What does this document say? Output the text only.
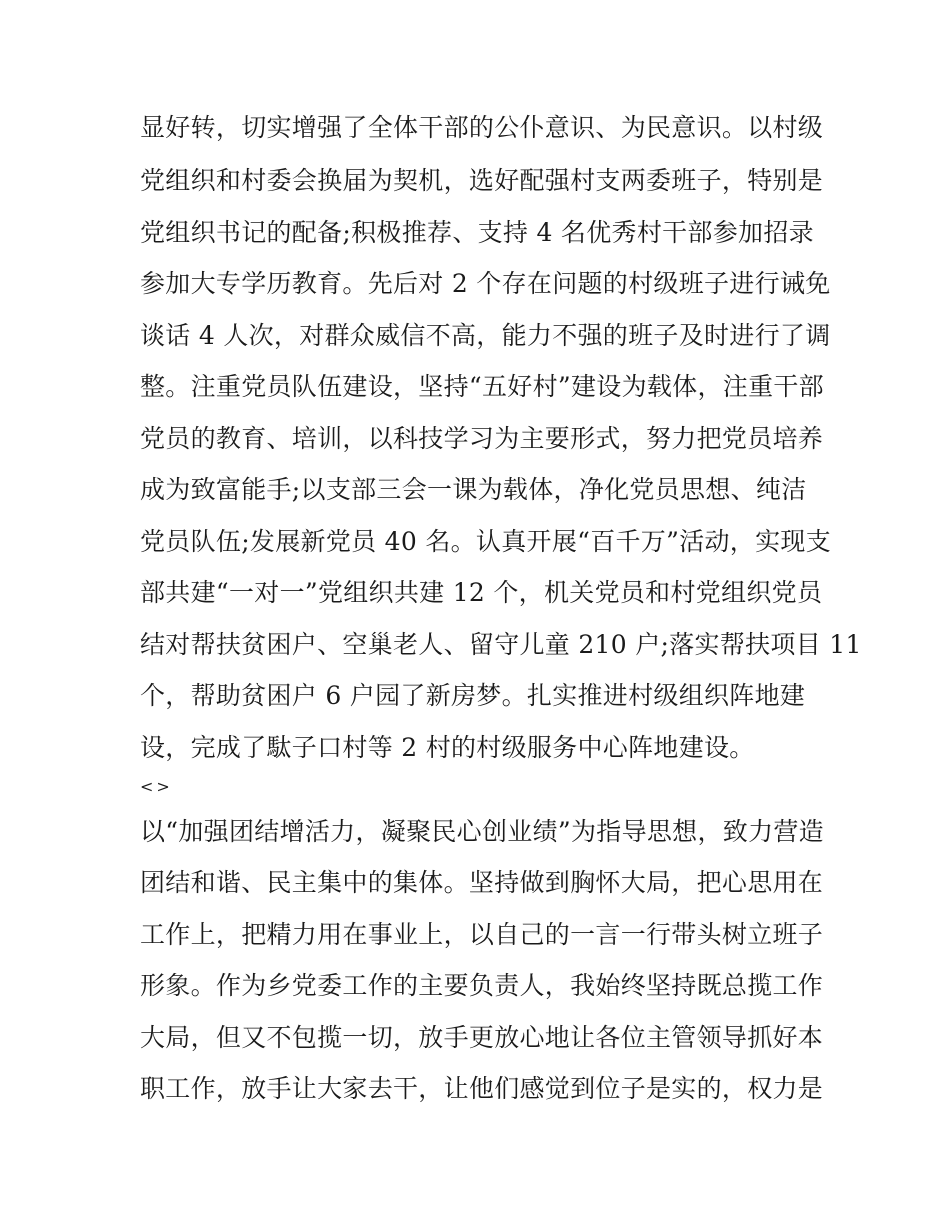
显好转，切实增强了全体干部的公仆意识、为民意识。以村级
党组织和村委会换届为契机，选好配强村支两委班子，特别是
党组织书记的配备;积极推荐、支持 4 名优秀村干部参加招录
参加大专学历教育。先后对 2 个存在问题的村级班子进行诫免
谈话 4 人次，对群众威信不高，能力不强的班子及时进行了调
整。注重党员队伍建设，坚持“五好村”建设为载体，注重干部
党员的教育、培训，以科技学习为主要形式，努力把党员培养
成为致富能手;以支部三会一课为载体，净化党员思想、纯洁
党员队伍;发展新党员 40 名。认真开展“百千万”活动，实现支
部共建“一对一”党组织共建 12 个，机关党员和村党组织党员
结对帮扶贫困户、空巢老人、留守儿童 210 户;落实帮扶项目 11
个，帮助贫困户 6 户园了新房梦。扎实推进村级组织阵地建
设，完成了駄子口村等 2 村的村级服务中心阵地建设。
<>
以“加强团结增活力，凝聚民心创业绩”为指导思想，致力营造
团结和谐、民主集中的集体。坚持做到胸怀大局，把心思用在
工作上，把精力用在事业上，以自己的一言一行带头树立班子
形象。作为乡党委工作的主要负责人，我始终坚持既总揽工作
大局，但又不包揽一切，放手更放心地让各位主管领导抓好本
职工作，放手让大家去干，让他们感觉到位子是实的，权力是
